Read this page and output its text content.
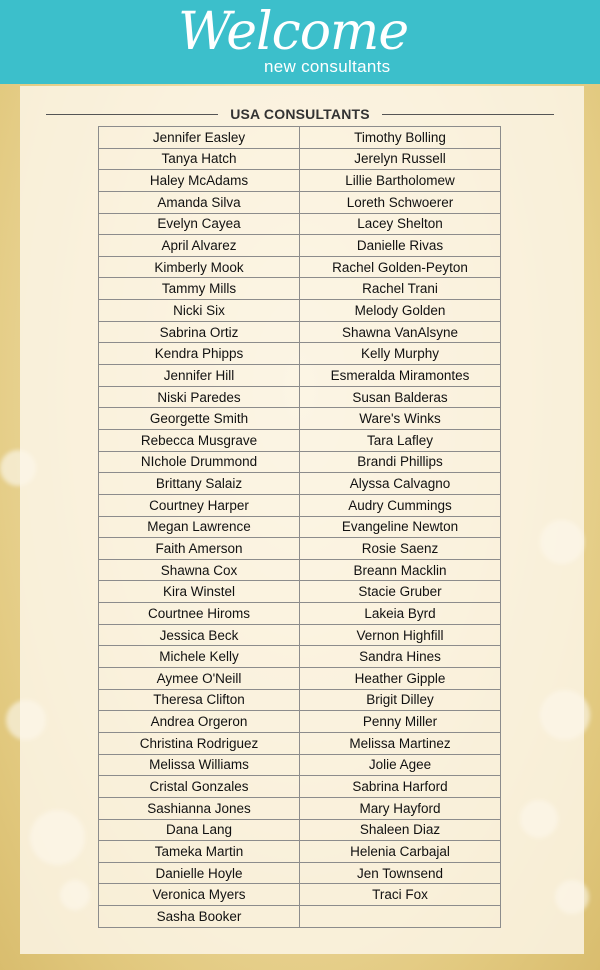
Welcome
new consultants
USA CONSULTANTS
Jennifer Easley	Timothy Bolling
Tanya Hatch	Jerelyn Russell
Haley McAdams	Lillie Bartholomew
Amanda Silva	Loreth Schwoerer
Evelyn Cayea	Lacey Shelton
April Alvarez	Danielle Rivas
Kimberly Mook	Rachel Golden-Peyton
Tammy Mills	Rachel Trani
Nicki Six	Melody Golden
Sabrina Ortiz	Shawna VanAlsyne
Kendra Phipps	Kelly Murphy
Jennifer Hill	Esmeralda Miramontes
Niski Paredes	Susan Balderas
Georgette Smith	Ware's Winks
Rebecca Musgrave	Tara Lafley
NIchole Drummond	Brandi Phillips
Brittany Salaiz	Alyssa Calvagno
Courtney Harper	Audry Cummings
Megan Lawrence	Evangeline Newton
Faith Amerson	Rosie Saenz
Shawna Cox	Breann Macklin
Kira Winstel	Stacie Gruber
Courtnee Hiroms	Lakeia Byrd
Jessica Beck	Vernon Highfill
Michele Kelly	Sandra Hines
Aymee O'Neill	Heather Gipple
Theresa Clifton	Brigit Dilley
Andrea Orgeron	Penny Miller
Christina Rodriguez	Melissa Martinez
Melissa Williams	Jolie Agee
Cristal Gonzales	Sabrina Harford
Sashianna Jones	Mary Hayford
Dana Lang	Shaleen Diaz
Tameka Martin	Helenia Carbajal
Danielle Hoyle	Jen Townsend
Veronica Myers	Traci Fox
Sasha Booker	
